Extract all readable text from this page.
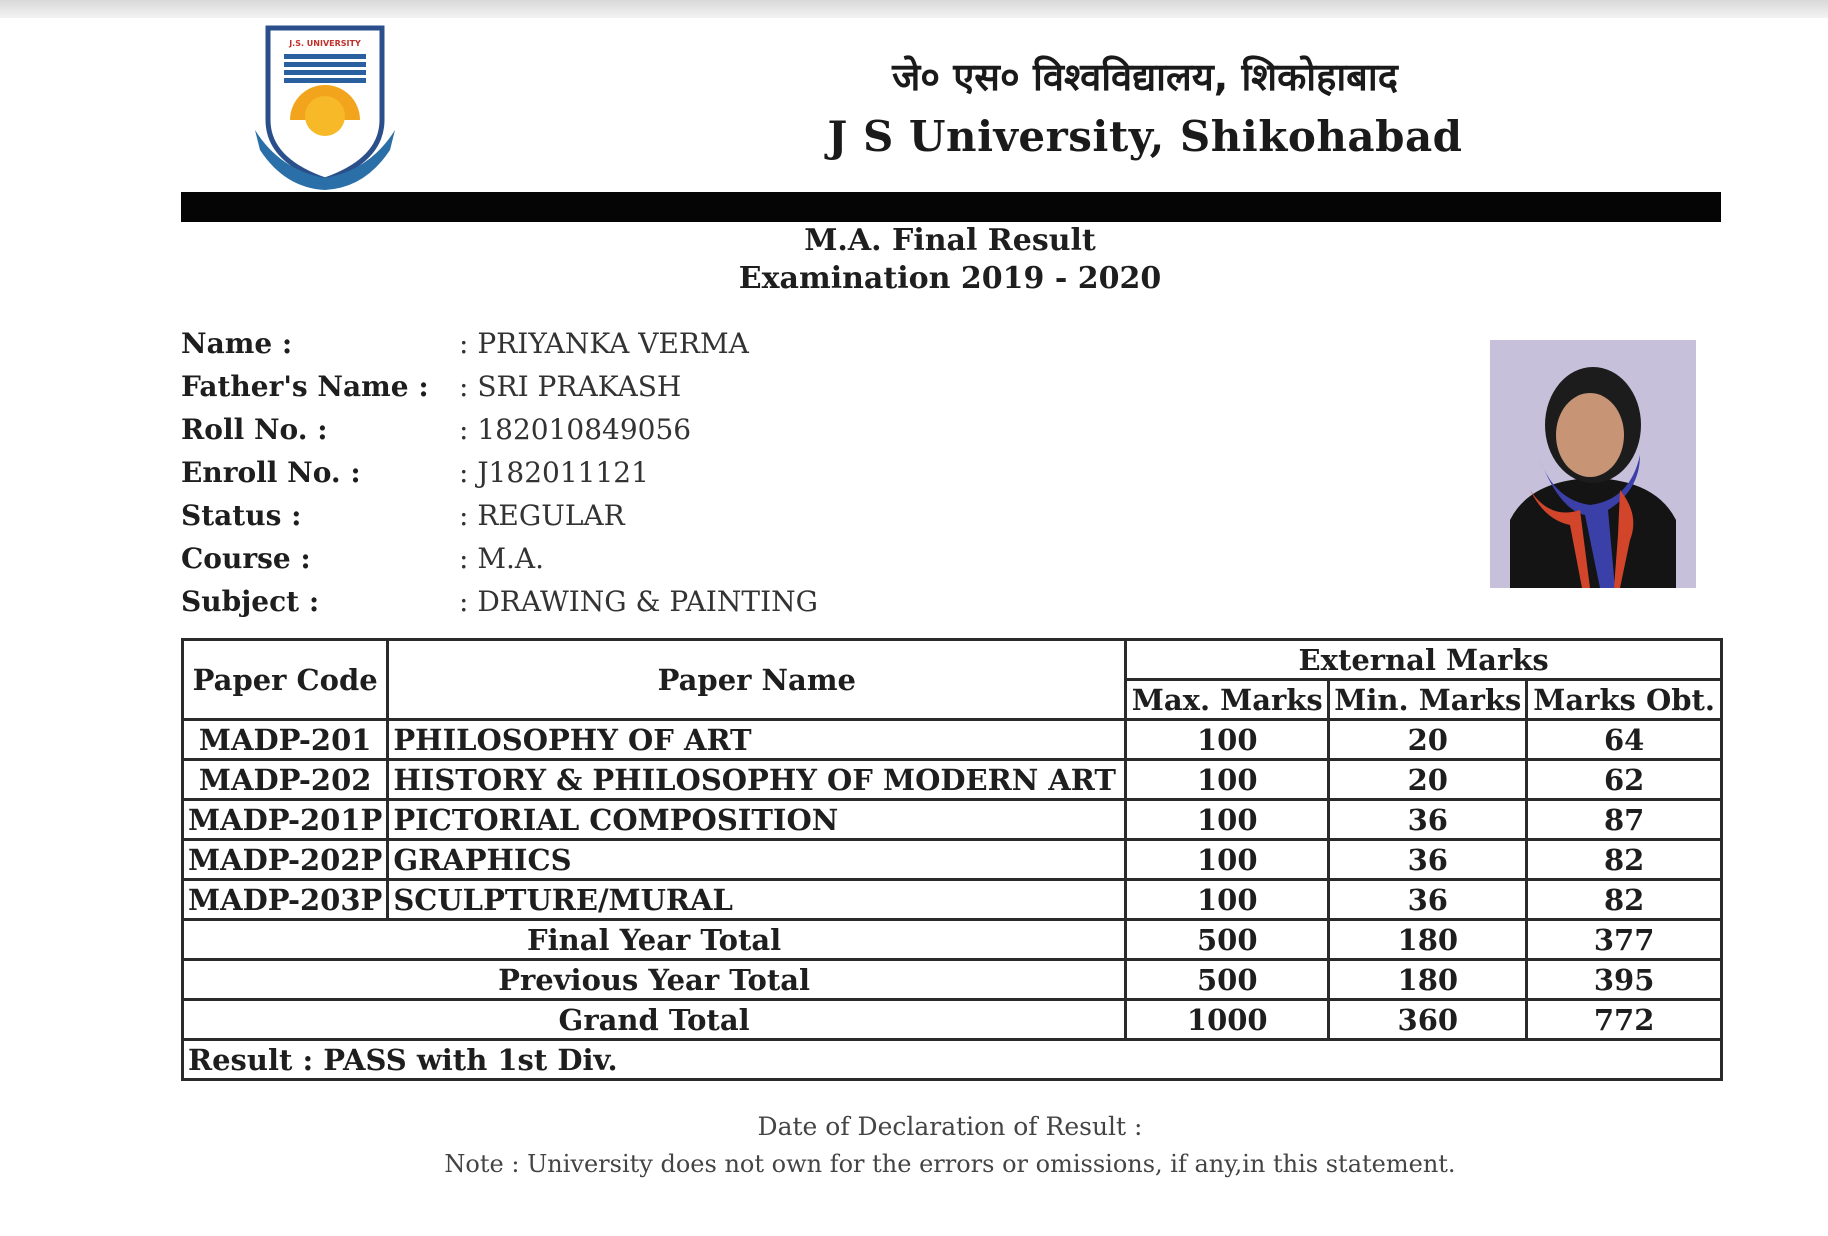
J.S. UNIVERSITY
जे० एस० विश्वविद्यालय, शिकोहाबाद
J S University, Shikohabad
M.A. Final Result
Examination 2019 - 2020
Name :	: PRIYANKA VERMA
Father's Name :	: SRI PRAKASH
Roll No. :	: 182010849056
Enroll No. :	: J182011121
Status :	: REGULAR
Course :	: M.A.
Subject :	: DRAWING & PAINTING
Paper Code	Paper Name	External Marks		
		Max. Marks	Min. Marks	Marks Obt.
MADP-201	PHILOSOPHY OF ART	100	20	64
MADP-202	HISTORY & PHILOSOPHY OF MODERN ART	100	20	62
MADP-201P	PICTORIAL COMPOSITION	100	36	87
MADP-202P	GRAPHICS	100	36	82
MADP-203P	SCULPTURE/MURAL	100	36	82
Final Year Total		500	180	377
Previous Year Total		500	180	395
Grand Total		1000	360	772
Result : PASS with 1st Div.				
Date of Declaration of Result :
Note : University does not own for the errors or omissions, if any,in this statement.
